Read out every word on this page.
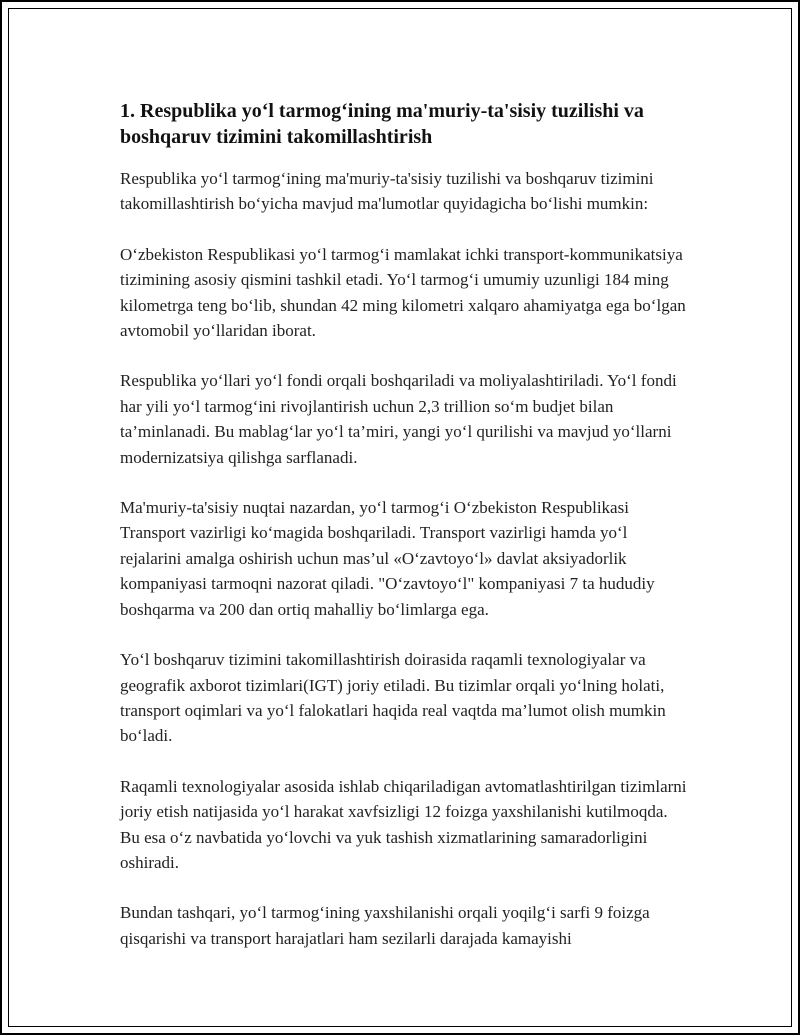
1. Respublika yo‘l tarmog‘ining ma'muriy-ta'sisiy tuzilishi va boshqaruv tizimini takomillashtirish

Respublika yo‘l tarmog‘ining ma'muriy-ta'sisiy tuzilishi va boshqaruv tizimini takomillashtirish bo‘yicha mavjud ma'lumotlar quyidagicha bo‘lishi mumkin:

O‘zbekiston Respublikasi yo‘l tarmog‘i mamlakat ichki transport-kommunikatsiya tizimining asosiy qismini tashkil etadi. Yo‘l tarmog‘i umumiy uzunligi 184 ming kilometrga teng bo‘lib, shundan 42 ming kilometri xalqaro ahamiyatga ega bo‘lgan avtomobil yo‘llaridan iborat.

Respublika yo‘llari yo‘l fondi orqali boshqariladi va moliyalashtiriladi. Yo‘l fondi har yili yo‘l tarmog‘ini rivojlantirish uchun 2,3 trillion so‘m budjet bilan ta’minlanadi. Bu mablag‘lar yo‘l ta’miri, yangi yo‘l qurilishi va mavjud yo‘llarni modernizatsiya qilishga sarflanadi.

Ma'muriy-ta'sisiy nuqtai nazardan, yo‘l tarmog‘i O‘zbekiston Respublikasi Transport vazirligi ko‘magida boshqariladi. Transport vazirligi hamda yo‘l rejalarini amalga oshirish uchun mas’ul «O‘zavtoyo‘l» davlat aksiyadorlik kompaniyasi tarmoqni nazorat qiladi. "O‘zavtoyo‘l" kompaniyasi 7 ta hududiy boshqarma va 200 dan ortiq mahalliy bo‘limlarga ega.

Yo‘l boshqaruv tizimini takomillashtirish doirasida raqamli texnologiyalar va geografik axborot tizimlari(IGT) joriy etiladi. Bu tizimlar orqali yo‘lning holati, transport oqimlari va yo‘l falokatlari haqida real vaqtda ma’lumot olish mumkin bo‘ladi.

Raqamli texnologiyalar asosida ishlab chiqariladigan avtomatlashtirilgan tizimlarni joriy etish natijasida yo‘l harakat xavfsizligi 12 foizga yaxshilanishi kutilmoqda. Bu esa o‘z navbatida yo‘lovchi va yuk tashish xizmatlarining samaradorligini oshiradi.

Bundan tashqari, yo‘l tarmog‘ining yaxshilanishi orqali yoqilg‘i sarfi 9 foizga qisqarishi va transport harajatlari ham sezilarli darajada kamayishi
